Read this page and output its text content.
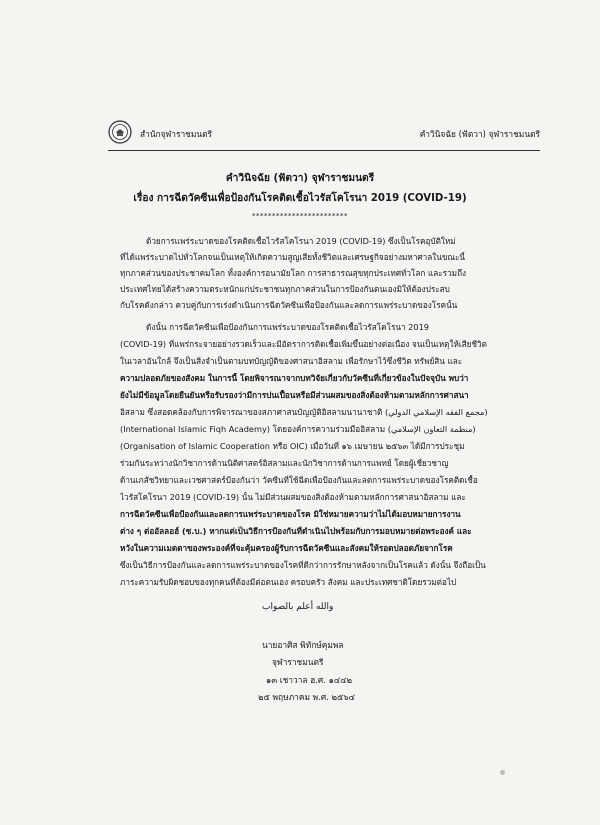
สำนักจุฬาราชมนตรี	คำวินิจฉัย (ฟัตวา) จุฬาราชมนตรี
คำวินิจฉัย (ฟัตวา) จุฬาราชมนตรี
เรื่อง การฉีดวัคซีนเพื่อป้องกันโรคติดเชื้อไวรัสโคโรนา 2019 (COVID-19)
************************
ด้วยการแพร่ระบาดของโรคติดเชื้อไวรัสโคโรนา 2019 (COVID-19) ซึ่งเป็นโรคอุบัติใหม่
ที่ได้แพร่ระบาดไปทั่วโลกจนเป็นเหตุให้เกิดความสูญเสียทั้งชีวิตและเศรษฐกิจอย่างมหาศาลในขณะนี้
ทุกภาคส่วนของประชาคมโลก ทั้งองค์การอนามัยโลก การสาธารณสุขทุกประเทศทั่วโลก และรวมถึง
ประเทศไทยได้สร้างความตระหนักแก่ประชาชนทุกภาคส่วนในการป้องกันตนเองมิให้ต้องประสบ
กับโรคดังกล่าว ควบคู่กับการเร่งดำเนินการฉีดวัคซีนเพื่อป้องกันและลดการแพร่ระบาดของโรคนั้น
ดังนั้น การฉีดวัคซีนเพื่อป้องกันการแพร่ระบาดของโรคติดเชื้อไวรัสโคโรนา 2019
(COVID-19) ที่แพร่กระจายอย่างรวดเร็วและมีอัตราการติดเชื้อเพิ่มขึ้นอย่างต่อเนื่อง จนเป็นเหตุให้เสียชีวิต
ในเวลาอันใกล้ จึงเป็นสิ่งจำเป็นตามบทบัญญัติของศาสนาอิสลาม เพื่อรักษาไว้ซึ่งชีวิต ทรัพย์สิน และ
ความปลอดภัยของสังคม ในการนี้ โดยพิจารณาจากบทวิจัยเกี่ยวกับวัคซีนที่เกี่ยวข้องในปัจจุบัน พบว่า
ยังไม่มีข้อมูลโดยยืนยันหรือรับรองว่ามีการปนเปื้อนหรือมีส่วนผสมของสิ่งต้องห้ามตามหลักการศาสนา
อิสลาม ซึ่งสอดคล้องกับการพิจารณาของสภาศาสนบัญญัติอิสลามนานาชาติ (مجمع الفقه الإسلامي الدولي)
(International Islamic Fiqh Academy) โดยองค์การความร่วมมืออิสลาม (منظمة التعاون الإسلامي)
(Organisation of Islamic Cooperation หรือ OIC) เมื่อวันที่ ๑๖ เมษายน ๒๕๖๓ ได้มีการประชุม
ร่วมกันระหว่างนักวิชาการด้านนิติศาสตร์อิสลามและนักวิชาการด้านการแพทย์ โดยผู้เชี่ยวชาญ
ด้านเภสัชวิทยาและเวชศาสตร์ป้องกันว่า วัคซีนที่ใช้ฉีดเพื่อป้องกันและลดการแพร่ระบาดของโรคติดเชื้อ
ไวรัสโคโรนา 2019 (COVID-19) นั้น ไม่มีส่วนผสมของสิ่งต้องห้ามตามหลักการศาสนาอิสลาม และ
การฉีดวัคซีนเพื่อป้องกันและลดการแพร่ระบาดของโรค มิใช่หมายความว่าไม่ได้มอบหมายการงาน
ต่าง ๆ ต่ออัลลอฮ์ (ซ.บ.) หากแต่เป็นวิธีการป้องกันที่ดำเนินไปพร้อมกับการมอบหมายต่อพระองค์ และ
หวังในความเมตตาของพระองค์ที่จะคุ้มครองผู้รับการฉีดวัคซีนและสังคมให้รอดปลอดภัยจากโรค
ซึ่งเป็นวิธีการป้องกันและลดการแพร่ระบาดของโรคที่ดีกว่าการรักษาหลังจากเป็นโรคแล้ว ดังนั้น จึงถือเป็น
ภาระความรับผิดชอบของทุกคนที่ต้องมีต่อตนเอง ครอบครัว สังคม และประเทศชาติโดยรวมต่อไป
والله أعلم بالصواب
นายอาศิส พิทักษ์คุมพล
จุฬาราชมนตรี
๑๓ เชาวาล ฮ.ศ. ๑๔๔๒
๒๕ พฤษภาคม พ.ศ. ๒๕๖๔
